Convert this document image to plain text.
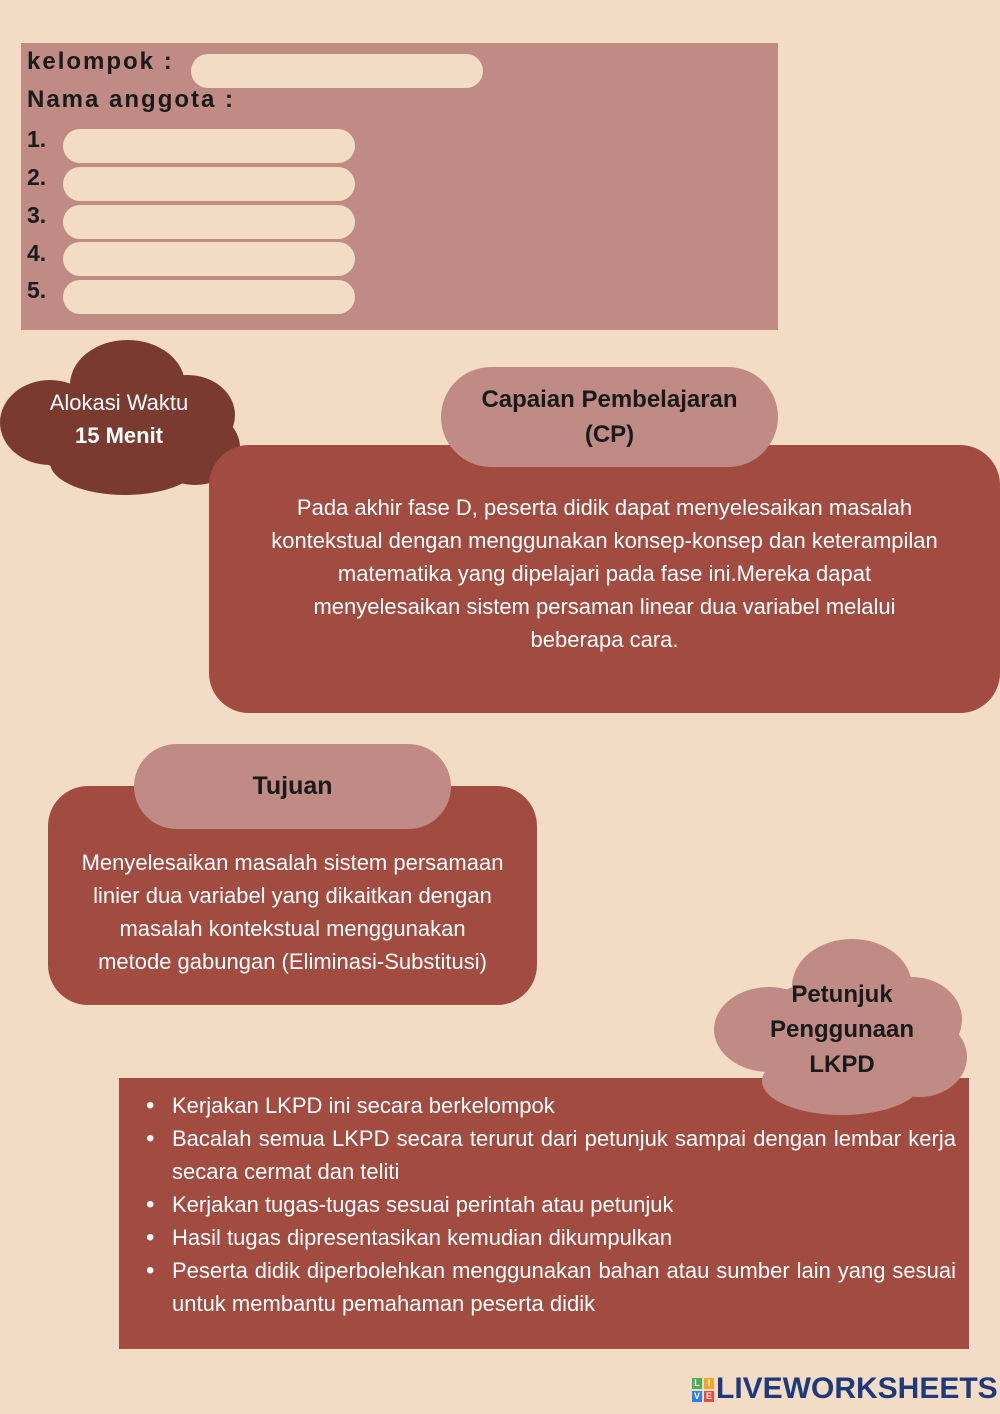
kelompok :
Nama anggota :
1.
2.
3.
4.
5.
Alokasi Waktu
15 Menit
Capaian Pembelajaran
(CP)
Pada akhir fase D, peserta didik dapat menyelesaikan masalah
kontekstual dengan menggunakan konsep-konsep dan keterampilan
matematika yang dipelajari pada fase ini.Mereka dapat
menyelesaikan sistem persaman linear dua variabel melalui
beberapa cara.
Tujuan
Menyelesaikan masalah sistem persamaan
linier dua variabel yang dikaitkan dengan
masalah kontekstual menggunakan
metode gabungan (Eliminasi-Substitusi)
• Kerjakan LKPD ini secara berkelompok
• Bacalah semua LKPD secara terurut dari petunjuk sampai dengan lembar kerja secara cermat dan teliti
• Kerjakan tugas-tugas sesuai perintah atau petunjuk
• Hasil tugas dipresentasikan kemudian dikumpulkan
• Peserta didik diperbolehkan menggunakan bahan atau sumber lain yang sesuai untuk membantu pemahaman peserta didik
Petunjuk
Penggunaan
LKPD
L I
V E LIVEWORKSHEETS
